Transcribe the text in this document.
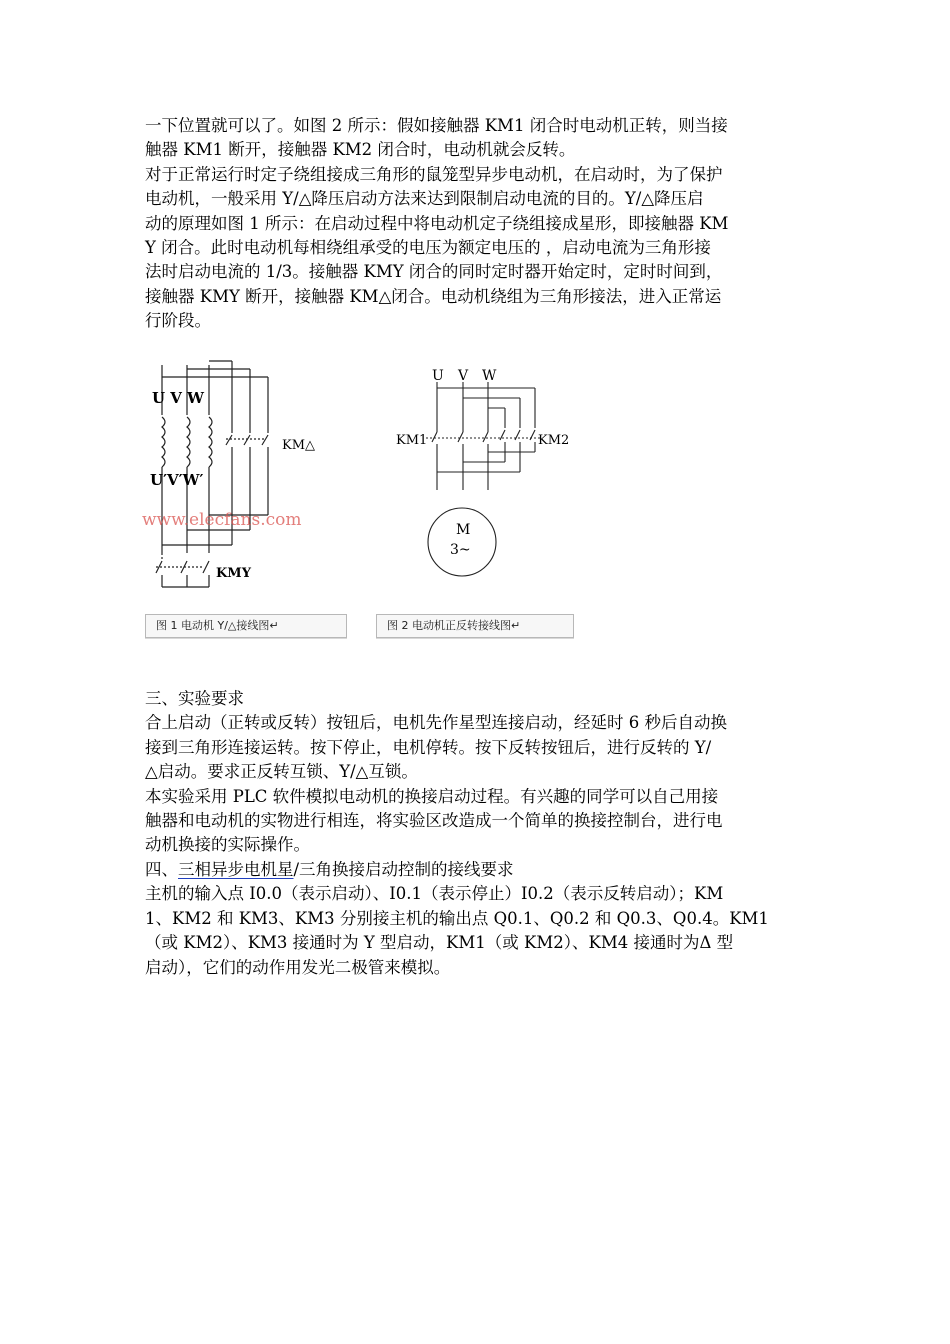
一下位置就可以了。如图 2 所示：假如接触器 KM1 闭合时电动机正转，则当接
触器 KM1 断开，接触器 KM2 闭合时，电动机就会反转。
对于正常运行时定子绕组接成三角形的鼠笼型异步电动机，在启动时，为了保护
电动机，一般采用 Y/△降压启动方法来达到限制启动电流的目的。Y/△降压启
动的原理如图 1 所示：在启动过程中将电动机定子绕组接成星形，即接触器 KM
Y 闭合。此时电动机每相绕组承受的电压为额定电压的 ，启动电流为三角形接
法时启动电流的 1/3。接触器 KMY 闭合的同时定时器开始定时，定时时间到，
接触器 KMY 断开，接触器 KM△闭合。电动机绕组为三角形接法，进入正常运
行阶段。
U V W
U′V′W′
KM△
KMY
www.elecfans.com
图 1 电动机 Y/△接线图↵
U V W
KM1	KM2
M
3~
图 2 电动机正反转接线图↵
三、实验要求
合上启动（正转或反转）按钮后，电机先作星型连接启动，经延时 6 秒后自动换
接到三角形连接运转。按下停止，电机停转。按下反转按钮后，进行反转的 Y/
△启动。要求正反转互锁、Y/△互锁。
本实验采用 PLC 软件模拟电动机的换接启动过程。有兴趣的同学可以自己用接
触器和电动机的实物进行相连，将实验区改造成一个简单的换接控制台，进行电
动机换接的实际操作。
四、三相异步电机星/三角换接启动控制的接线要求
主机的输入点 I0.0（表示启动）、I0.1（表示停止）I0.2（表示反转启动）；KM
1、KM2 和 KM3、KM3 分别接主机的输出点 Q0.1、Q0.2 和 Q0.3、Q0.4。KM1
（或 KM2）、KM3 接通时为 Y 型启动，KM1（或 KM2）、KM4 接通时为Δ 型
启动），它们的动作用发光二极管来模拟。
